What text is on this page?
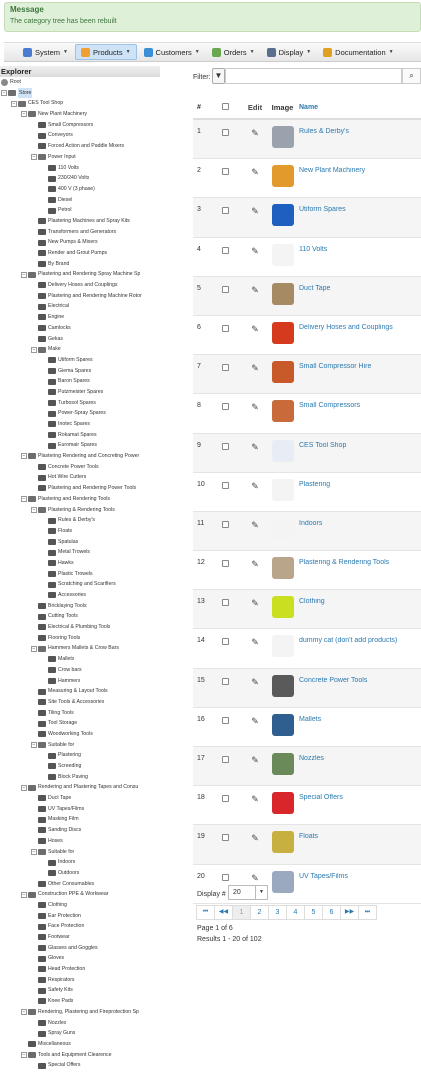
Message
The category tree has been rebuilt
System ▼	Products ▼	Customers ▼	Orders ▼	Display ▼	Documentation ▼
Explorer
Root
−	Store
− CES Tool Shop
− New Plant Machinery
Small Compressors
Conveyors
Forced Action and Paddle Mixers
− Power Input
110 Volts
230/240 Volts
400 V (3 phase)
Diesel
Petrol
Plastering Machines and Spray Kits
Transformers and Generators
New Pumps & Mixers
Render and Grout Pumps
By Brand
− Plastering and Rendering Spray Machine Sp
Delivery Hoses and Couplings
Plastering and Rendering Machine Rotor
Electrical
Engine
Camlocks
Gekas
− Make
Utiform Spares
Giema Spares
Baron Spares
Putzmeister Spares
Turbosol Spares
Power-Spray Spares
Inotec Spares
Rokamat Spares
Euromair Spares
− Plastering Rendering and Concreting Power
Concrete Power Tools
Hot Wire Cutters
Plastering and Rendering Power Tools
− Plastering and Rendering Tools
− Plastering & Rendering Tools
Rules & Derby's
Floats
Spatulas
Metal Trowels
Hawks
Plastic Trowels
Scratching and Scarifiers
Accessories
Bricklaying Tools
Cutting Tools
Electrical & Plumbing Tools
Flooring Tools
− Hammers Mallets & Crow Bars
Mallets
Crow bars
Hammers
Measuring & Layout Tools
Site Tools & Accessories
Tiling Tools
Tool Storage
Woodworking Tools
− Suitable for
Plastering
Screeding
Block Paving
− Rendering and Plastering Tapes and Consu
Duct Tape
UV Tapes/Films
Masking Film
Sanding Discs
Hoses
− Suitable for
Indoors
Outdoors
Other Consumables
− Construction PPE & Workwear
Clothing
Ear Protection
Face Protection
Footwear
Glasses and Goggles
Gloves
Head Protection
Respirators
Safety Kits
Knee Pads
− Rendering, Plastering and Fireprotection Sp
Nozzles
Spray Guns
Miscellaneous
− Tools and Equipment Clearence
Special Offers
Filter: ▼	⌕
#	Edit	Image Name
1	✎	Rules & Derby's
2	✎	New Plant Machinery
3	✎	Utiform Spares
4	✎	110 Volts
5	✎	Duct Tape
6	✎	Delivery Hoses and Couplings
7	✎	Small Compressor Hire
8	✎	Small Compressors
9	✎	CES Tool Shop
10	✎	Plastering
11	✎	Indoors
12	✎	Plastering & Rendering Tools
13	✎	Clothing
14	✎	dummy cat (don't add products)
15	✎	Concrete Power Tools
16	✎	Mallets
17	✎	Nozzles
18	✎	Special Offers
19	✎	Floats
20	✎	UV Tapes/Films
Display #	20	▼
⏮	◀◀	1	2	3	4	5	6	▶▶	⏭
Page 1 of 6
Results 1 - 20 of 102
